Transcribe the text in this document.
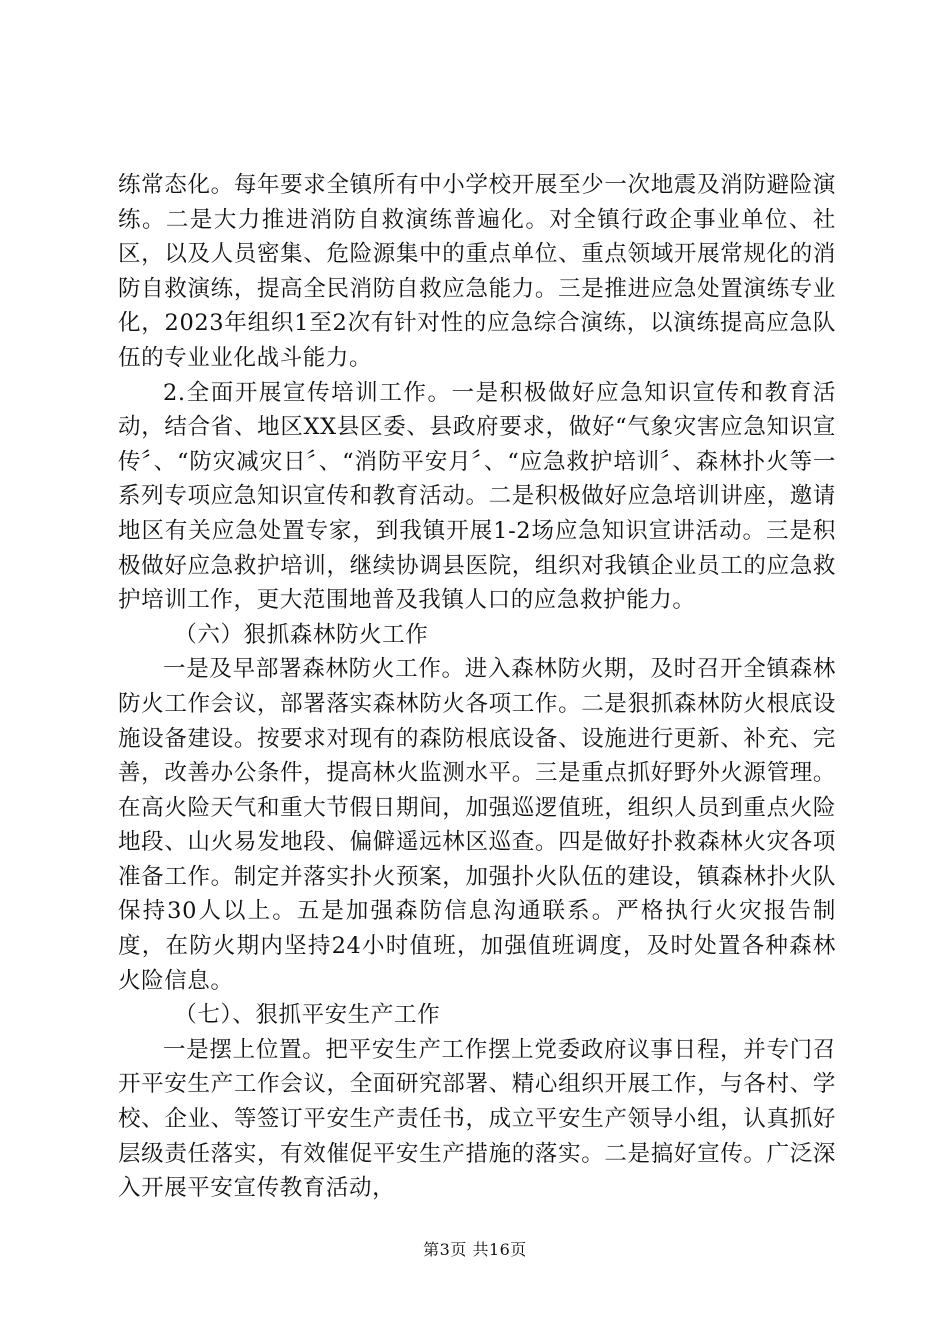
练常态化。每年要求全镇所有中小学校开展至少一次地震及消防避险演练。二是大力推进消防自救演练普遍化。对全镇行政企事业单位、社区，以及人员密集、危险源集中的重点单位、重点领域开展常规化的消防自救演练，提高全民消防自救应急能力。三是推进应急处置演练专业化，2023年组织1至2次有针对性的应急综合演练，以演练提高应急队伍的专业业化战斗能力。

2.全面开展宣传培训工作。一是积极做好应急知识宣传和教育活动，结合省、地区XX县区委、县政府要求，做好“气象灾害应急知识宣传〞、“防灾减灾日〞、“消防平安月〞、“应急救护培训〞、森林扑火等一系列专项应急知识宣传和教育活动。二是积极做好应急培训讲座，邀请地区有关应急处置专家，到我镇开展1-2场应急知识宣讲活动。三是积极做好应急救护培训，继续协调县医院，组织对我镇企业员工的应急救护培训工作，更大范围地普及我镇人口的应急救护能力。

（六）狠抓森林防火工作

一是及早部署森林防火工作。进入森林防火期，及时召开全镇森林防火工作会议，部署落实森林防火各项工作。二是狠抓森林防火根底设施设备建设。按要求对现有的森防根底设备、设施进行更新、补充、完善，改善办公条件，提高林火监测水平。三是重点抓好野外火源管理。在高火险天气和重大节假日期间，加强巡逻值班，组织人员到重点火险地段、山火易发地段、偏僻遥远林区巡查。四是做好扑救森林火灾各项准备工作。制定并落实扑火预案，加强扑火队伍的建设，镇森林扑火队保持30人以上。五是加强森防信息沟通联系。严格执行火灾报告制度，在防火期内坚持24小时值班，加强值班调度，及时处置各种森林火险信息。

（七）、狠抓平安生产工作

一是摆上位置。把平安生产工作摆上党委政府议事日程，并专门召开平安生产工作会议，全面研究部署、精心组织开展工作，与各村、学校、企业、等签订平安生产责任书，成立平安生产领导小组，认真抓好层级责任落实，有效催促平安生产措施的落实。二是搞好宣传。广泛深入开展平安宣传教育活动，

第3页 共16页
